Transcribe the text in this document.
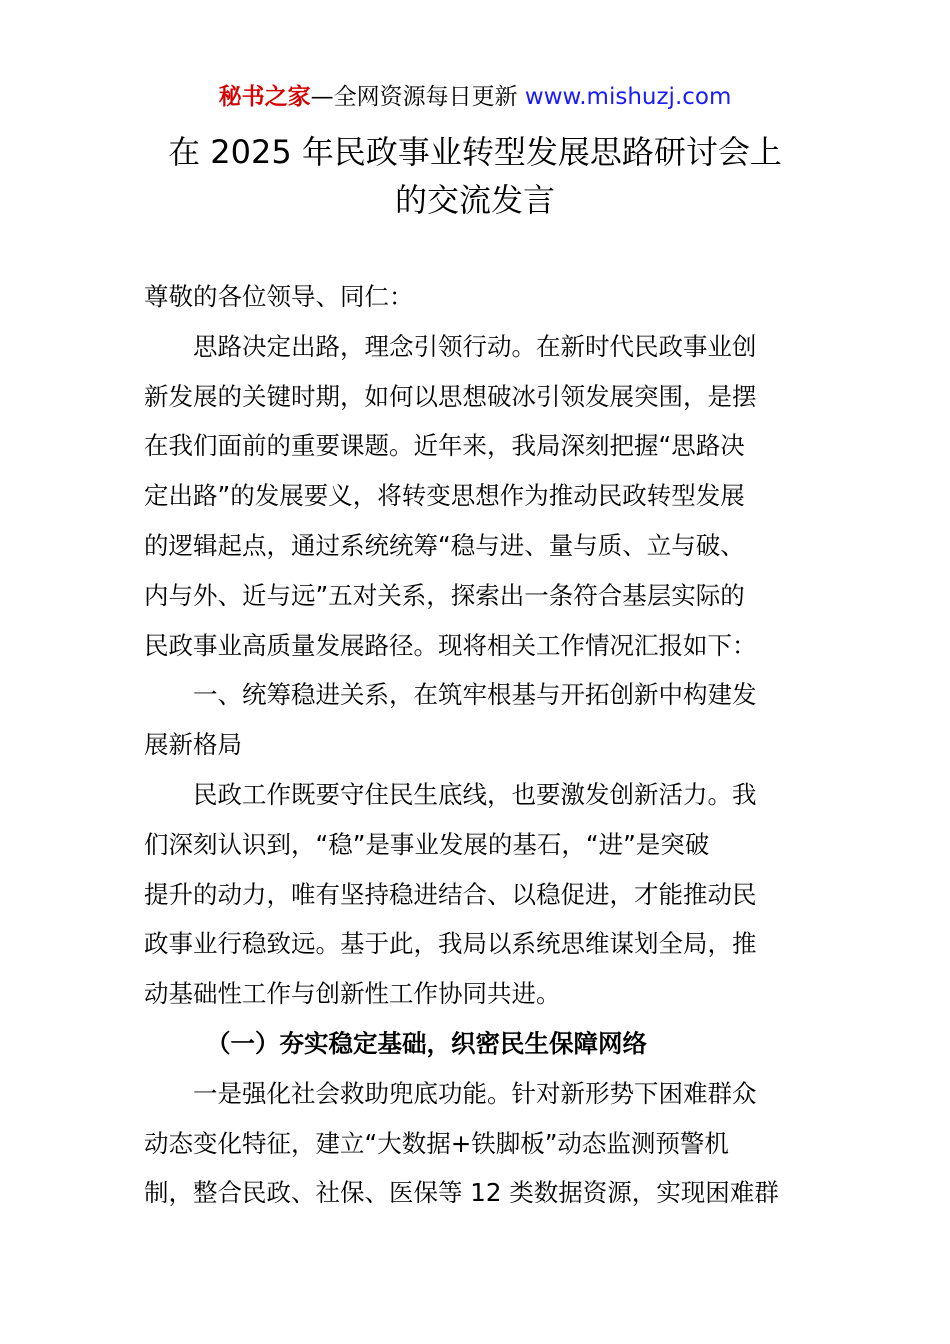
秘书之家—全网资源每日更新 www.mishuzj.com
在 2025 年民政事业转型发展思路研讨会上
的交流发言
尊敬的各位领导、同仁：
思路决定出路，理念引领行动。在新时代民政事业创
新发展的关键时期，如何以思想破冰引领发展突围，是摆
在我们面前的重要课题。近年来，我局深刻把握“思路决
定出路”的发展要义，将转变思想作为推动民政转型发展
的逻辑起点，通过系统统筹“稳与进、量与质、立与破、
内与外、近与远”五对关系，探索出一条符合基层实际的
民政事业高质量发展路径。现将相关工作情况汇报如下：
一、统筹稳进关系，在筑牢根基与开拓创新中构建发
展新格局
民政工作既要守住民生底线，也要激发创新活力。我
们深刻认识到，“稳”是事业发展的基石，“进”是突破
提升的动力，唯有坚持稳进结合、以稳促进，才能推动民
政事业行稳致远。基于此，我局以系统思维谋划全局，推
动基础性工作与创新性工作协同共进。
（一）夯实稳定基础，织密民生保障网络
一是强化社会救助兜底功能。针对新形势下困难群众
动态变化特征，建立“大数据+铁脚板”动态监测预警机
制，整合民政、社保、医保等 12 类数据资源，实现困难群
